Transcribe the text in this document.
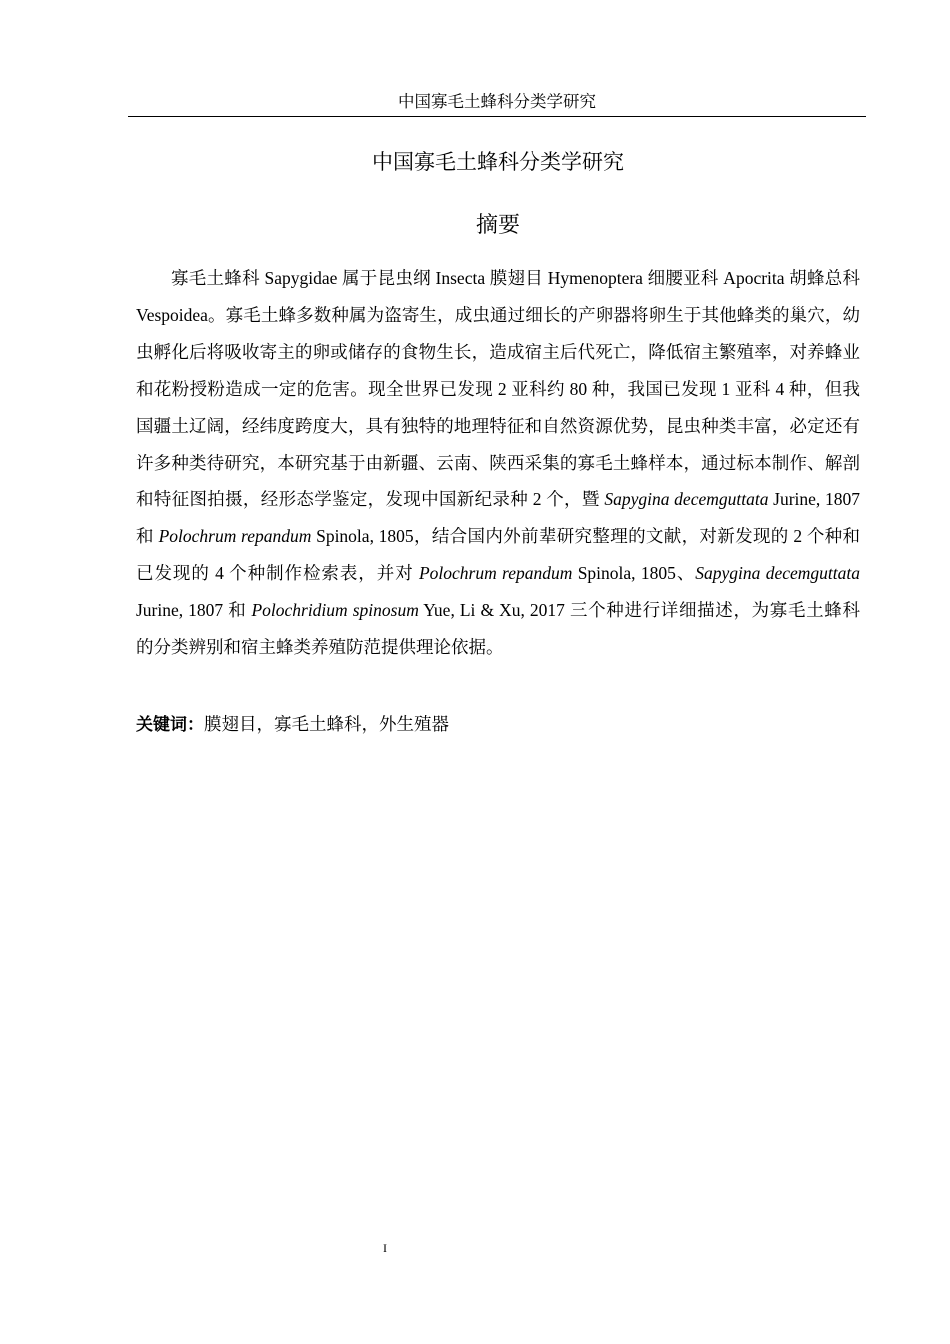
中国寡毛土蜂科分类学研究
中国寡毛土蜂科分类学研究
摘要

寡毛土蜂科 Sapygidae 属于昆虫纲 Insecta 膜翅目 Hymenoptera 细腰亚科 Apocrita 胡蜂总科 Vespoidea。寡毛土蜂多数种属为盗寄生，成虫通过细长的产卵器将卵生于其他蜂类的巢穴，幼虫孵化后将吸收寄主的卵或储存的食物生长，造成宿主后代死亡，降低宿主繁殖率，对养蜂业和花粉授粉造成一定的危害。现全世界已发现 2 亚科约 80 种，我国已发现 1 亚科 4 种，但我国疆土辽阔，经纬度跨度大，具有独特的地理特征和自然资源优势，昆虫种类丰富，必定还有许多种类待研究，本研究基于由新疆、云南、陕西采集的寡毛土蜂样本，通过标本制作、解剖和特征图拍摄，经形态学鉴定，发现中国新纪录种 2 个，暨 Sapygina decemguttata Jurine, 1807 和 Polochrum repandum Spinola, 1805，结合国内外前辈研究整理的文献，对新发现的 2 个种和已发现的 4 个种制作检索表，并对 Polochrum repandum Spinola, 1805、Sapygina decemguttata Jurine, 1807 和 Polochridium spinosum Yue, Li & Xu, 2017 三个种进行详细描述，为寡毛土蜂科的分类辨别和宿主蜂类养殖防范提供理论依据。

关键词：膜翅目，寡毛土蜂科，外生殖器
I
